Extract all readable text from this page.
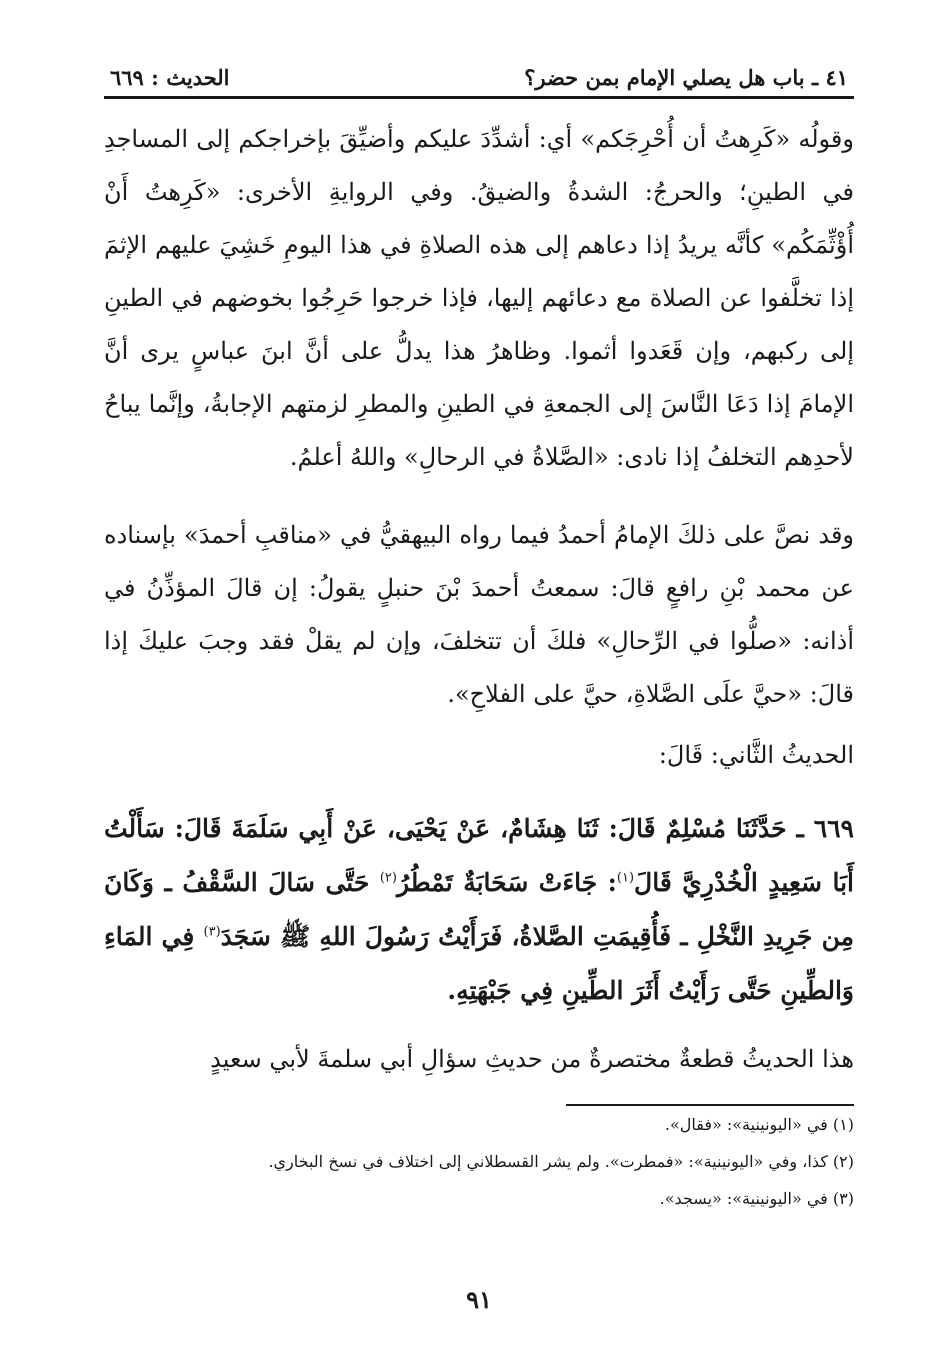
٤١ ـ باب هل يصلي الإمام بمن حضر؟
الحديث : ٦٦٩

وقولُه «كَرِهتُ أن أُحْرِجَكم» أي: أشدِّدَ عليكم وأضيِّقَ بإخراجكم إلى المساجدِ في الطينِ؛ والحرجُ: الشدةُ والضيقُ. وفي الروايةِ الأخرى: «كَرِهتُ أَنْ أُؤْثِّمَكُم» كأنَّه يريدُ إذا دعاهم إلى هذه الصلاةِ في هذا اليومِ خَشِيَ عليهم الإثمَ إذا تخلَّفوا عن الصلاة مع دعائهم إليها، فإذا خرجوا حَرِجُوا بخوضهم في الطينِ إلى ركبهم، وإن قَعَدوا أثموا. وظاهرُ هذا يدلُّ على أنَّ ابنَ عباسٍ يرى أنَّ الإمامَ إذا دَعَا النَّاسَ إلى الجمعةِ في الطينِ والمطرِ لزمتهم الإجابةُ، وإنَّما يباحُ لأحدِهم التخلفُ إذا نادى: «الصَّلاةُ في الرحالِ» واللهُ أعلمُ.

وقد نصَّ على ذلكَ الإمامُ أحمدُ فيما رواه البيهقيُّ في «مناقبِ أحمدَ» بإسناده عن محمد بْنِ رافعٍ قالَ: سمعتُ أحمدَ بْنَ حنبلٍ يقولُ: إن قالَ المؤذِّنُ في أذانه: «صلُّوا في الرِّحالِ» فلكَ أن تتخلفَ، وإن لم يقلْ فقد وجبَ عليكَ إذا قالَ: «حيَّ علَى الصَّلاةِ، حيَّ على الفلاحِ».

الحديثُ الثَّاني: قَالَ:

٦٦٩ ـ حَدَّثَنَا مُسْلِمٌ قَالَ: ثَنَا هِشَامٌ، عَنْ يَحْيَى، عَنْ أَبِي سَلَمَةَ قَالَ: سَأَلْتُ أَبَا سَعِيدٍ الْخُدْرِيَّ قَالَ$^{(١)}$: جَاءَتْ سَحَابَةٌ تَمْطُرُ$^{(٢)}$ حَتَّى سَالَ السَّقْفُ ـ وَكَانَ مِن جَرِيدِ النَّخْلِ ـ فَأُقِيمَتِ الصَّلاةُ، فَرَأَيْتُ رَسُولَ اللهِ ﷺ سَجَدَ$^{(٣)}$ فِي المَاءِ وَالطِّينِ حَتَّى رَأَيْتُ أَثَرَ الطِّينِ فِي جَبْهَتِهِ.

هذا الحديثُ قطعةٌ مختصرةٌ من حديثِ سؤالِ أبي سلمةَ لأبي سعيدٍ

(١) في «اليونينية»: «فقال».

(٢) كذا، وفي «اليونينية»: «فمطرت». ولم يشر القسطلاني إلى اختلاف في نسخ البخاري.

(٣) في «اليونينية»: «يسجد».

٩١
